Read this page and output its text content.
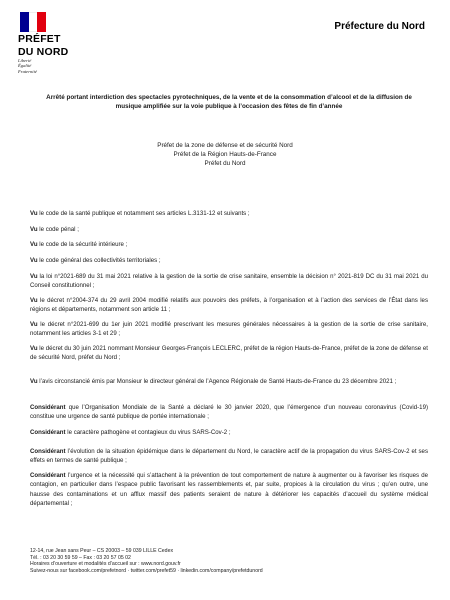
PRÉFET
DU NORD
Liberté
Égalité
Fraternité
Préfecture du Nord
Arrêté portant interdiction des spectacles pyrotechniques, de la vente et de la consommation d’alcool et de la diffusion de musique amplifiée sur la voie publique à l’occasion des fêtes de fin d’année
Préfet de la zone de défense et de sécurité Nord
Préfet de la Région Hauts-de-France
Préfet du Nord

Vu le code de la santé publique et notamment ses articles L.3131-12 et suivants ;

Vu le code pénal ;

Vu le code de la sécurité intérieure ;

Vu le code général des collectivités territoriales ;

Vu la loi n°2021-689 du 31 mai 2021 relative à la gestion de la sortie de crise sanitaire, ensemble la décision n° 2021-819 DC du 31 mai 2021 du Conseil constitutionnel ;

Vu le décret n°2004-374 du 29 avril 2004 modifié relatifs aux pouvoirs des préfets, à l’organisation et à l’action des services de l’État dans les régions et départements, notamment son article 11 ;

Vu le décret n°2021-699 du 1er juin 2021 modifié prescrivant les mesures générales nécessaires à la gestion de la sortie de crise sanitaire, notamment les articles 3-1 et 29 ;

Vu le décret du 30 juin 2021 nommant Monsieur Georges-François LECLERC, préfet de la région Hauts-de-France, préfet de la zone de défense et de sécurité Nord, préfet du Nord ;

Vu l’avis circonstancié émis par Monsieur le directeur général de l’Agence Régionale de Santé Hauts-de-France du 23 décembre 2021 ;

Considérant que l’Organisation Mondiale de la Santé a déclaré le 30 janvier 2020, que l’émergence d’un nouveau coronavirus (Covid-19) constitue une urgence de santé publique de portée internationale ;

Considérant le caractère pathogène et contagieux du virus SARS-Cov-2 ;

Considérant l’évolution de la situation épidémique dans le département du Nord, le caractère actif de la propagation du virus SARS-Cov-2 et ses effets en termes de santé publique ;

Considérant l’urgence et la nécessité qui s’attachent à la prévention de tout comportement de nature à augmenter ou à favoriser les risques de contagion, en particulier dans l’espace public favorisant les rassemblements et, par suite, propices à la circulation du virus ; qu’en outre, une hausse des contaminations et un afflux massif des patients seraient de nature à détériorer les capacités d’accueil du système médical départemental ;

12-14, rue Jean sans Peur – CS 20003 – 59 039 LILLE Cedex
Tél. : 03 20 30 59 59 – Fax : 03 20 57 05 02
Horaires d’ouverture et modalités d’accueil sur : www.nord.gouv.fr
Suivez-nous sur facebook.com/prefetnord · twitter.com/prefet59 · linkedin.com/company/prefetdunord
